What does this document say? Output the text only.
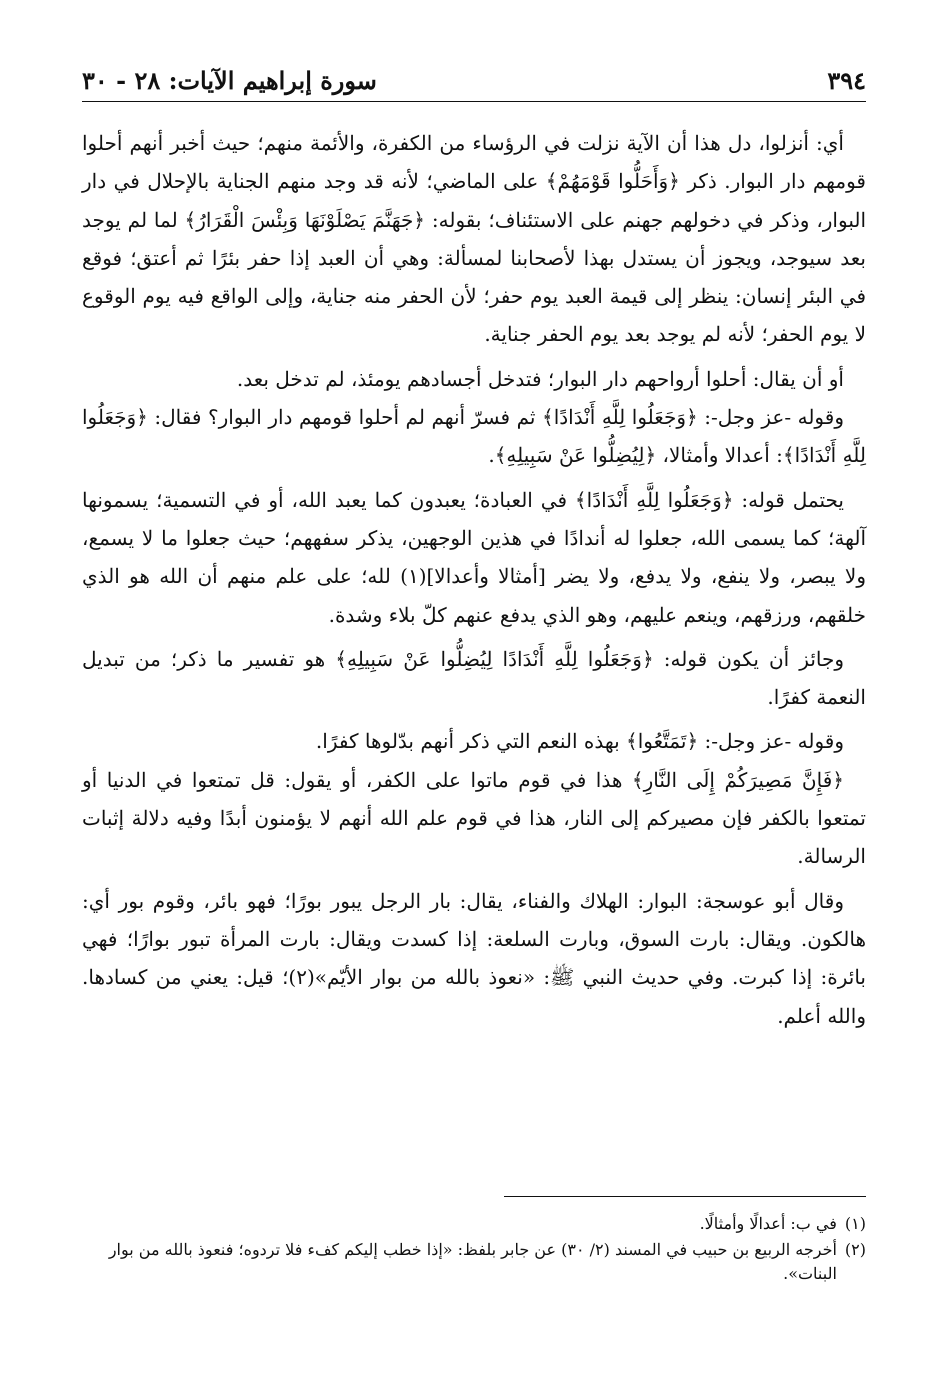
٣٩٤
سورة إبراهيم الآيات: ٢٨ - ٣٠

أي: أنزلوا، دل هذا أن الآية نزلت في الرؤساء من الكفرة، والأئمة منهم؛ حيث أخبر أنهم أحلوا قومهم دار البوار. ذكر ﴿وَأَحَلُّوا قَوْمَهُمْ﴾ على الماضي؛ لأنه قد وجد منهم الجناية بالإحلال في دار البوار، وذكر في دخولهم جهنم على الاستئناف؛ بقوله: ﴿جَهَنَّمَ يَصْلَوْنَهَا وَبِئْسَ الْقَرَارُ﴾ لما لم يوجد بعد سيوجد، ويجوز أن يستدل بهذا لأصحابنا لمسألة: وهي أن العبد إذا حفر بئرًا ثم أعتق؛ فوقع في البئر إنسان: ينظر إلى قيمة العبد يوم حفر؛ لأن الحفر منه جناية، وإلى الواقع فيه يوم الوقوع لا يوم الحفر؛ لأنه لم يوجد بعد يوم الحفر جناية.

أو أن يقال: أحلوا أرواحهم دار البوار؛ فتدخل أجسادهم يومئذ، لم تدخل بعد.

وقوله -عز وجل-: ﴿وَجَعَلُوا لِلَّهِ أَنْدَادًا﴾ ثم فسرّ أنهم لم أحلوا قومهم دار البوار؟ فقال: ﴿وَجَعَلُوا لِلَّهِ أَنْدَادًا﴾: أعدالا وأمثالا، ﴿لِيُضِلُّوا عَنْ سَبِيلِهِ﴾.

يحتمل قوله: ﴿وَجَعَلُوا لِلَّهِ أَنْدَادًا﴾ في العبادة؛ يعبدون كما يعبد الله، أو في التسمية؛ يسمونها آلهة؛ كما يسمى الله، جعلوا له أندادًا في هذين الوجهين، يذكر سفههم؛ حيث جعلوا ما لا يسمع، ولا يبصر، ولا ينفع، ولا يدفع، ولا يضر [أمثالا وأعدالا](١) لله؛ على علم منهم أن الله هو الذي خلقهم، ورزقهم، وينعم عليهم، وهو الذي يدفع عنهم كلّ بلاء وشدة.

وجائز أن يكون قوله: ﴿وَجَعَلُوا لِلَّهِ أَنْدَادًا لِيُضِلُّوا عَنْ سَبِيلِهِ﴾ هو تفسير ما ذكر؛ من تبديل النعمة كفرًا.

وقوله -عز وجل-: ﴿تَمَتَّعُوا﴾ بهذه النعم التي ذكر أنهم بدّلوها كفرًا.

﴿فَإِنَّ مَصِيرَكُمْ إِلَى النَّارِ﴾ هذا في قوم ماتوا على الكفر، أو يقول: قل تمتعوا في الدنيا أو تمتعوا بالكفر فإن مصيركم إلى النار، هذا في قوم علم الله أنهم لا يؤمنون أبدًا وفيه دلالة إثبات الرسالة.

وقال أبو عوسجة: البوار: الهلاك والفناء، يقال: بار الرجل يبور بورًا؛ فهو بائر، وقوم بور أي: هالكون. ويقال: بارت السوق، وبارت السلعة: إذا كسدت ويقال: بارت المرأة تبور بوارًا؛ فهي بائرة: إذا كبرت. وفي حديث النبي ﷺ: «نعوذ بالله من بوار الأيّم»(٢)؛ قيل: يعني من كسادها. والله أعلم.

(١)
في ب: أعدالًا وأمثالًا.
(٢)
أخرجه الربيع بن حبيب في المسند (٢/ ٣٠) عن جابر بلفظ: «إذا خطب إليكم كفء فلا تردوه؛ فنعوذ بالله من بوار البنات».
